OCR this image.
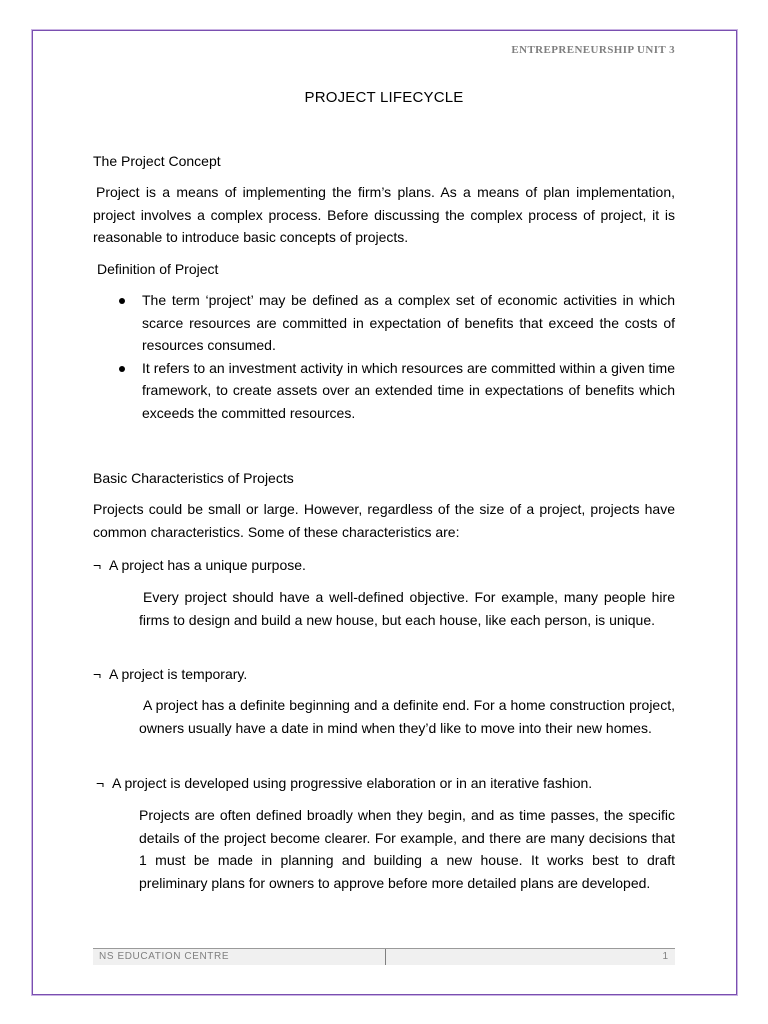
ENTREPRENEURSHIP UNIT 3
PROJECT LIFECYCLE

The Project Concept

Project is a means of implementing the firm’s plans. As a means of plan implementation, project involves a complex process. Before discussing the complex process of project, it is reasonable to introduce basic concepts of projects.

Definition of Project

The term ‘project’ may be defined as a complex set of economic activities in which scarce resources are committed in expectation of benefits that exceed the costs of resources consumed.
It refers to an investment activity in which resources are committed within a given time framework, to create assets over an extended time in expectations of benefits which exceeds the committed resources.

Basic Characteristics of Projects

Projects could be small or large. However, regardless of the size of a project, projects have common characteristics. Some of these characteristics are:

¬ A project has a unique purpose.
Every project should have a well-defined objective. For example, many people hire firms to design and build a new house, but each house, like each person, is unique.
¬ A project is temporary.
A project has a definite beginning and a definite end. For a home construction project, owners usually have a date in mind when they’d like to move into their new homes.
¬ A project is developed using progressive elaboration or in an iterative fashion.
Projects are often defined broadly when they begin, and as time passes, the specific details of the project become clearer. For example, and there are many decisions that 1 must be made in planning and building a new house. It works best to draft preliminary plans for owners to approve before more detailed plans are developed.
NS EDUCATION CENTRE	1
